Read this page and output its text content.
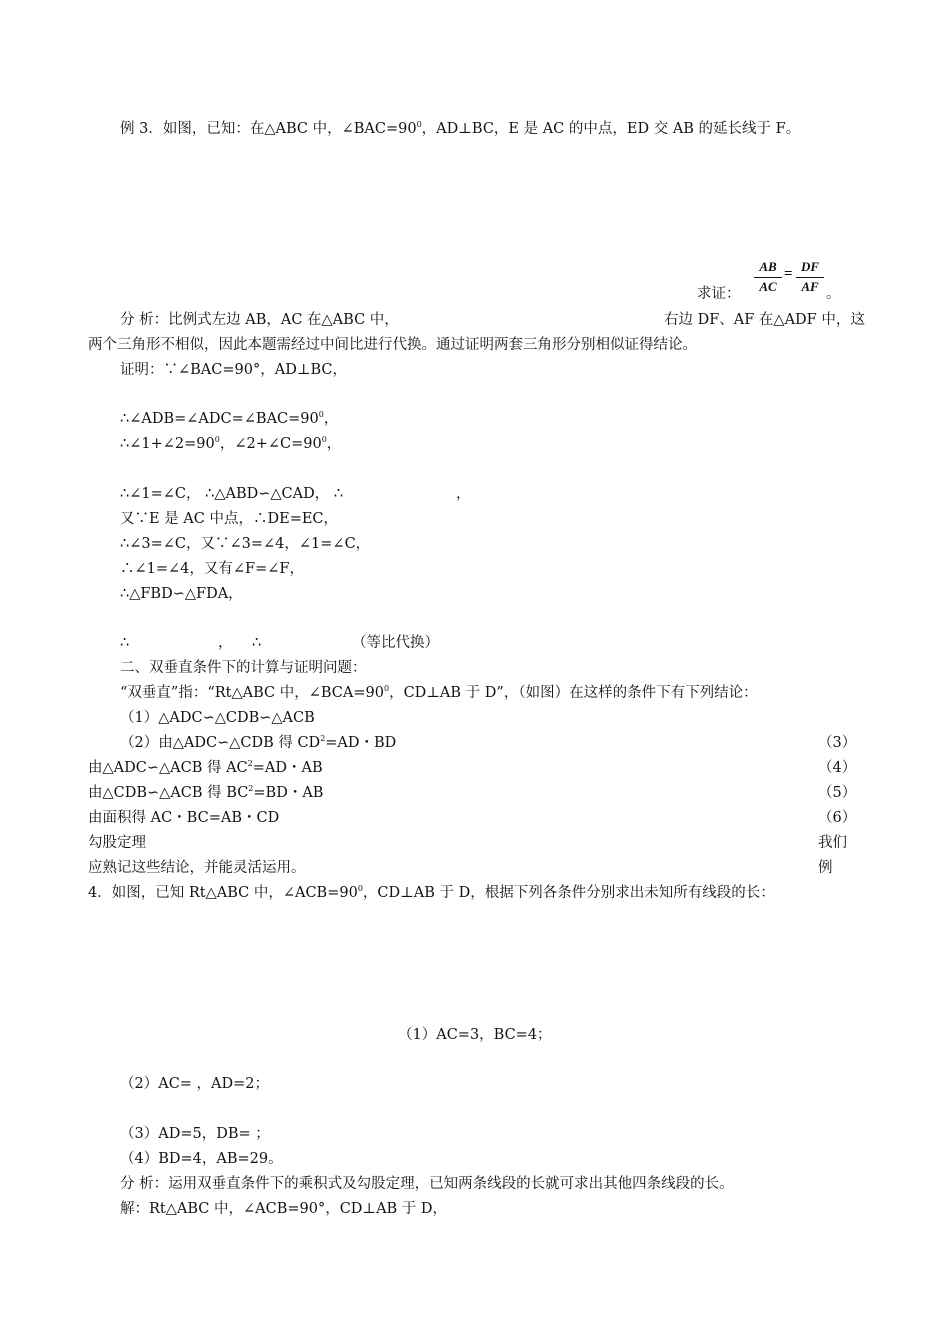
例 3．如图，已知：在△ABC 中，$\angle BAC=90^0$，AD⊥BC，E 是 AC 的中点，ED 交 AB 的延长线于 F。
求证：
AB
AC
= DF
AF 。
分 析：比例式左边 AB，AC 在△ABC 中，	右边 DF、AF 在△ADF 中，这
两个三角形不相似，因此本题需经过中间比进行代换。通过证明两套三角形分别相似证得结论。
证明：∵∠BAC=90°，AD⊥BC，
$\therefore\angle ADB=\angle ADC=\angle BAC=90^0$，
$\therefore\angle 1+\angle 2=90^0$，$\angle 2+\angle C=90^0$，
∴∠1=∠C， ∴△ABD∽△CAD， ∴	，
又∵E 是 AC 中点，∴DE=EC，
∴∠3=∠C，又∵∠3=∠4，∠1=∠C，
∴∠1=∠4，又有∠F=∠F，
∴△FBD∽△FDA，
∴	， ∴	（等比代换）
二、双垂直条件下的计算与证明问题：
“双垂直”指：“Rt△ABC 中，$\angle BCA=90^0$，CD⊥AB 于 D”，（如图）在这样的条件下有下列结论：
（1）△ADC∽△CDB∽△ACB
（2）由△ADC∽△CDB 得 $CD^2=AD$・BD	（3）
由△ADC∽△ACB 得 $AC^2=AD$・AB	（4）
由△CDB∽△ACB 得 $BC^2=BD$・AB	（5）
由面积得 AC・BC=AB・CD	（6）
勾股定理	我们
应熟记这些结论，并能灵活运用。	例
4．如图，已知 Rt△ABC 中，$\angle ACB=90^0$，CD⊥AB 于 D，根据下列各条件分别求出未知所有线段的长：
（1）AC=3，BC=4；
（2）AC= ，AD=2；
（3）AD=5，DB= ；
（4）BD=4，AB=29。
分 析：运用双垂直条件下的乘积式及勾股定理，已知两条线段的长就可求出其他四条线段的长。
解：Rt△ABC 中，∠ACB=90°，CD⊥AB 于 D，
